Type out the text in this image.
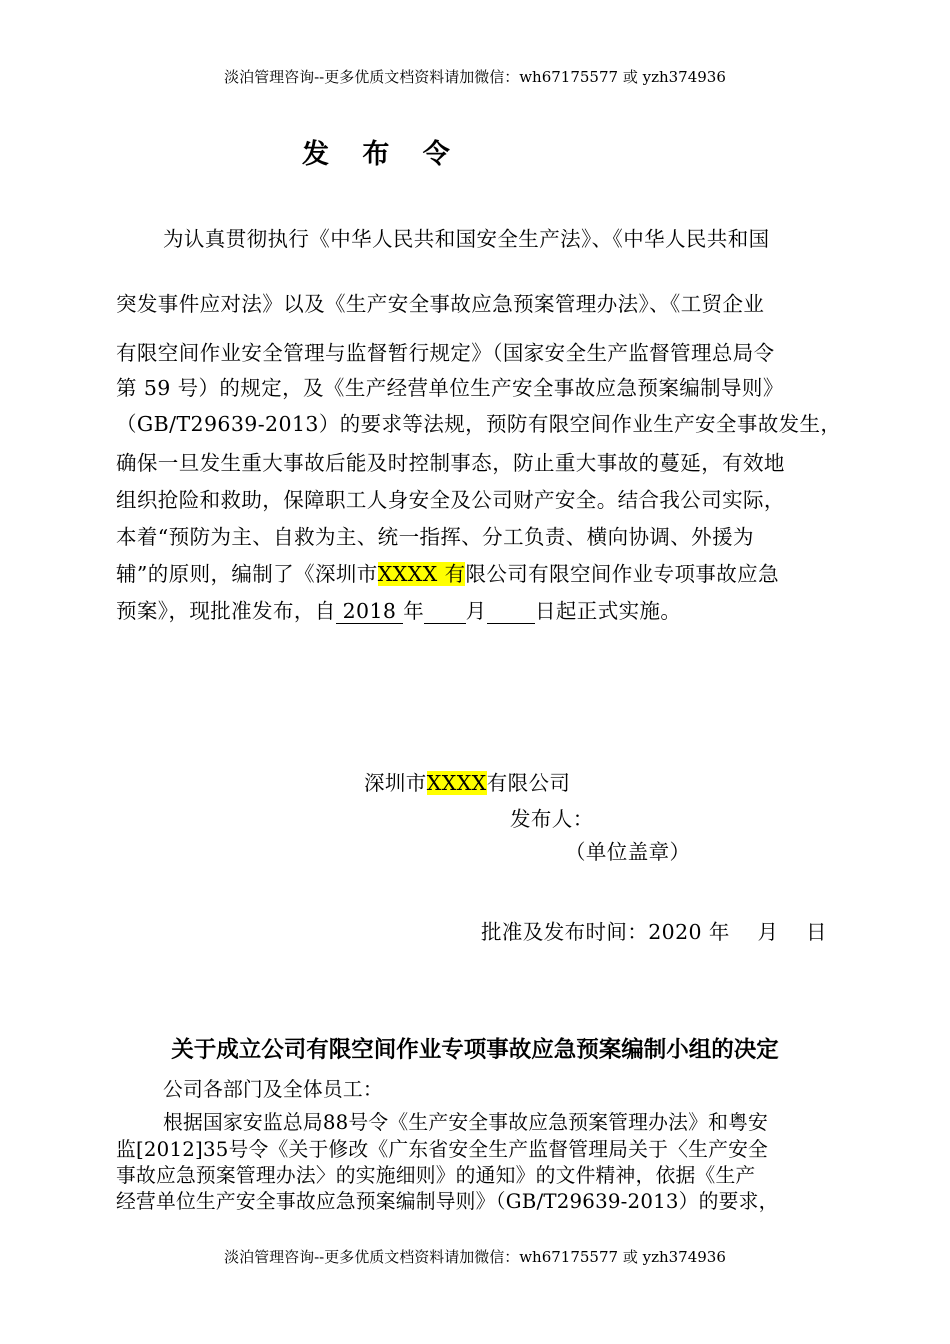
淡泊管理咨询--更多优质文档资料请加微信：wh67175577 或 yzh374936
发 布 令
为认真贯彻执行《中华人民共和国安全生产法》、《中华人民共和国
突发事件应对法》以及《生产安全事故应急预案管理办法》、《工贸企业
有限空间作业安全管理与监督暂行规定》（国家安全生产监督管理总局令
第 59 号）的规定，及《生产经营单位生产安全事故应急预案编制导则》
（GB/T29639-2013）的要求等法规，预防有限空间作业生产安全事故发生，
确保一旦发生重大事故后能及时控制事态，防止重大事故的蔓延，有效地
组织抢险和救助，保障职工人身安全及公司财产安全。结合我公司实际，
本着“预防为主、自救为主、统一指挥、分工负责、横向协调、外援为
辅”的原则，编制了《深圳市XXXX 有限公司有限空间作业专项事故应急
预案》，现批准发布，自 2018 年 月 日起正式实施。
深圳市XXXX有限公司
发布人：
（单位盖章）
批准及发布时间：2020 年    月    日
关于成立公司有限空间作业专项事故应急预案编制小组的决定
公司各部门及全体员工：
根据国家安监总局88号令《生产安全事故应急预案管理办法》和粤安
监[2012]35号令《关于修改《广东省安全生产监督管理局关于〈生产安全
事故应急预案管理办法〉的实施细则》的通知》的文件精神，依据《生产
经营单位生产安全事故应急预案编制导则》（GB/T29639-2013）的要求，
淡泊管理咨询--更多优质文档资料请加微信：wh67175577 或 yzh374936
